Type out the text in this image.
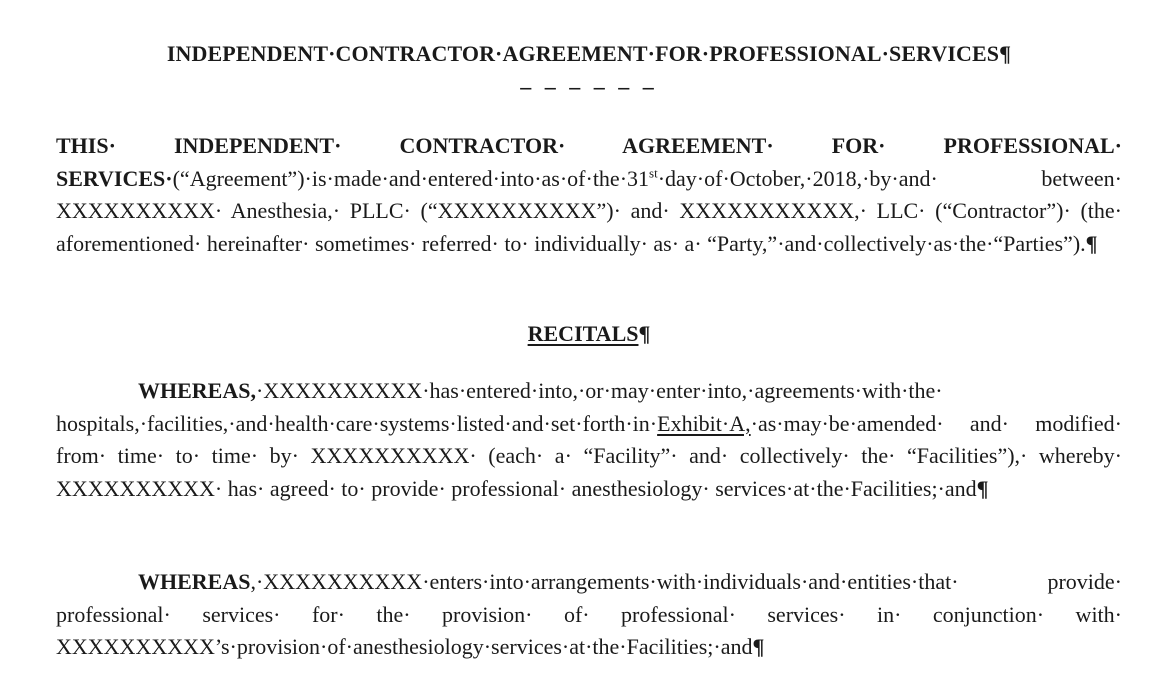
INDEPENDENT·CONTRACTOR·AGREEMENT·FOR·PROFESSIONAL·SERVICES¶
– – – – – –
THIS· INDEPENDENT· CONTRACTOR· AGREEMENT· FOR· PROFESSIONAL· SERVICES·(“Agreement”)·is·made·and·entered·into·as·of·the·31st·day·of·October,·2018,·by·and· between· XXXXXXXXXX· Anesthesia,· PLLC· (“XXXXXXXXXX”)· and· XXXXXXXXXXX,· LLC· (“Contractor”)· (the· aforementioned· hereinafter· sometimes· referred· to· individually· as· a· “Party,”·and·collectively·as·the·“Parties”).¶
RECITALS¶
WHEREAS,·XXXXXXXXXX·has·entered·into,·or·may·enter·into,·agreements·with·the· hospitals,·facilities,·and·health·care·systems·listed·and·set·forth·in·Exhibit·A,·as·may·be·amended· and· modified· from· time· to· time· by· XXXXXXXXXX· (each· a· “Facility”· and· collectively· the· “Facilities”),· whereby· XXXXXXXXXX· has· agreed· to· provide· professional· anesthesiology· services·at·the·Facilities;·and¶
WHEREAS,·XXXXXXXXXX·enters·into·arrangements·with·individuals·and·entities·that· provide· professional· services· for· the· provision· of· professional· services· in· conjunction· with· XXXXXXXXXX’s·provision·of·anesthesiology·services·at·the·Facilities;·and¶
